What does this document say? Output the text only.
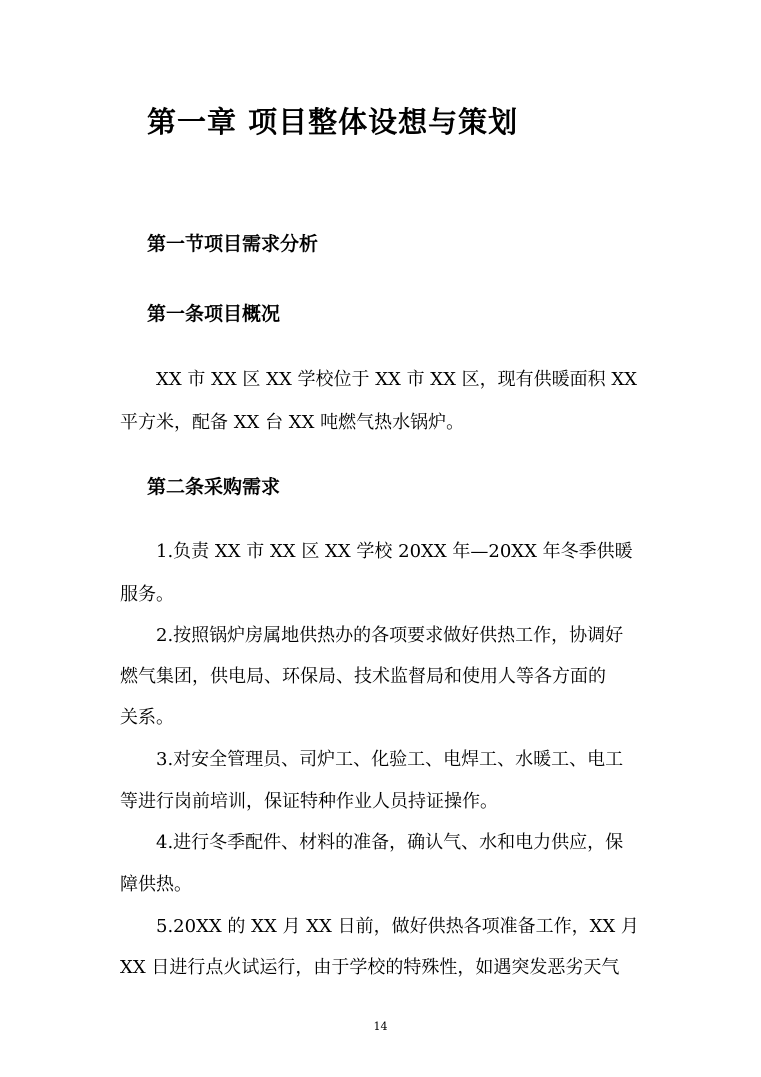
第一章 项目整体设想与策划
第一节项目需求分析
第一条项目概况
XX 市 XX 区 XX 学校位于 XX 市 XX 区，现有供暖面积 XX
平方米，配备 XX 台 XX 吨燃气热水锅炉。
第二条采购需求
1.负责 XX 市 XX 区 XX 学校 20XX 年—20XX 年冬季供暖
服务。
2.按照锅炉房属地供热办的各项要求做好供热工作，协调好
燃气集团，供电局、环保局、技术监督局和使用人等各方面的
关系。
3.对安全管理员、司炉工、化验工、电焊工、水暖工、电工
等进行岗前培训，保证特种作业人员持证操作。
4.进行冬季配件、材料的准备，确认气、水和电力供应，保
障供热。
5.20XX 的 XX 月 XX 日前，做好供热各项准备工作，XX 月
XX 日进行点火试运行，由于学校的特殊性，如遇突发恶劣天气
14
